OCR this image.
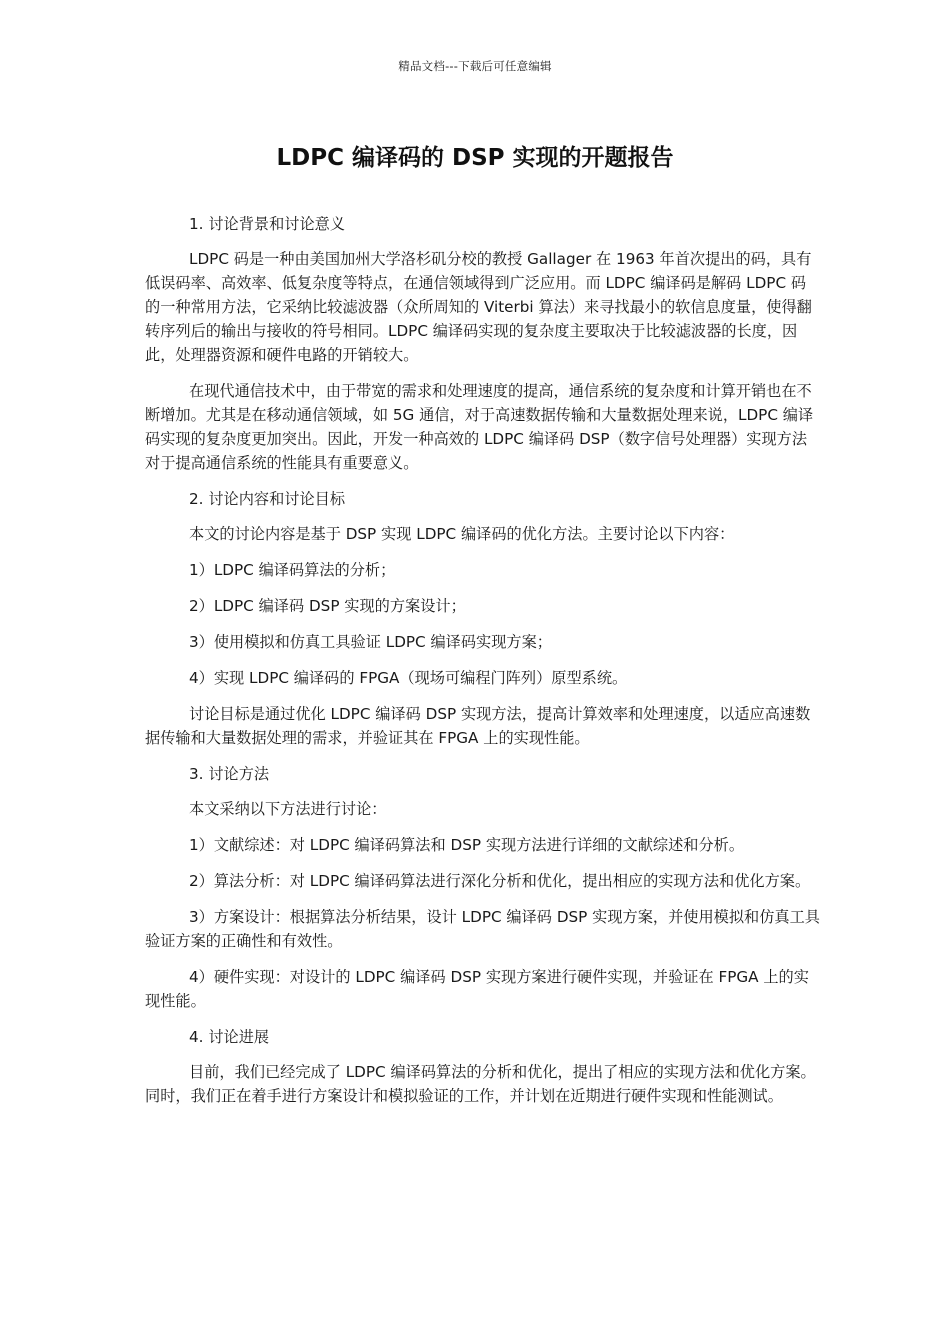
精品文档---下载后可任意编辑
LDPC 编译码的 DSP 实现的开题报告

1. 讨论背景和讨论意义

LDPC 码是一种由美国加州大学洛杉矶分校的教授 Gallager 在 1963 年首次提出的码，具有低误码率、高效率、低复杂度等特点，在通信领域得到广泛应用。而 LDPC 编译码是解码 LDPC 码的一种常用方法，它采纳比较滤波器（众所周知的 Viterbi 算法）来寻找最小的软信息度量，使得翻转序列后的输出与接收的符号相同。LDPC 编译码实现的复杂度主要取决于比较滤波器的长度，因此，处理器资源和硬件电路的开销较大。

在现代通信技术中，由于带宽的需求和处理速度的提高，通信系统的复杂度和计算开销也在不断增加。尤其是在移动通信领域，如 5G 通信，对于高速数据传输和大量数据处理来说，LDPC 编译码实现的复杂度更加突出。因此，开发一种高效的 LDPC 编译码 DSP（数字信号处理器）实现方法对于提高通信系统的性能具有重要意义。

2. 讨论内容和讨论目标

本文的讨论内容是基于 DSP 实现 LDPC 编译码的优化方法。主要讨论以下内容：

1）LDPC 编译码算法的分析；

2）LDPC 编译码 DSP 实现的方案设计；

3）使用模拟和仿真工具验证 LDPC 编译码实现方案；

4）实现 LDPC 编译码的 FPGA（现场可编程门阵列）原型系统。

讨论目标是通过优化 LDPC 编译码 DSP 实现方法，提高计算效率和处理速度，以适应高速数据传输和大量数据处理的需求，并验证其在 FPGA 上的实现性能。

3. 讨论方法

本文采纳以下方法进行讨论：

1）文献综述：对 LDPC 编译码算法和 DSP 实现方法进行详细的文献综述和分析。

2）算法分析：对 LDPC 编译码算法进行深化分析和优化，提出相应的实现方法和优化方案。

3）方案设计：根据算法分析结果，设计 LDPC 编译码 DSP 实现方案，并使用模拟和仿真工具验证方案的正确性和有效性。

4）硬件实现：对设计的 LDPC 编译码 DSP 实现方案进行硬件实现，并验证在 FPGA 上的实现性能。

4. 讨论进展

目前，我们已经完成了 LDPC 编译码算法的分析和优化，提出了相应的实现方法和优化方案。同时，我们正在着手进行方案设计和模拟验证的工作，并计划在近期进行硬件实现和性能测试。
